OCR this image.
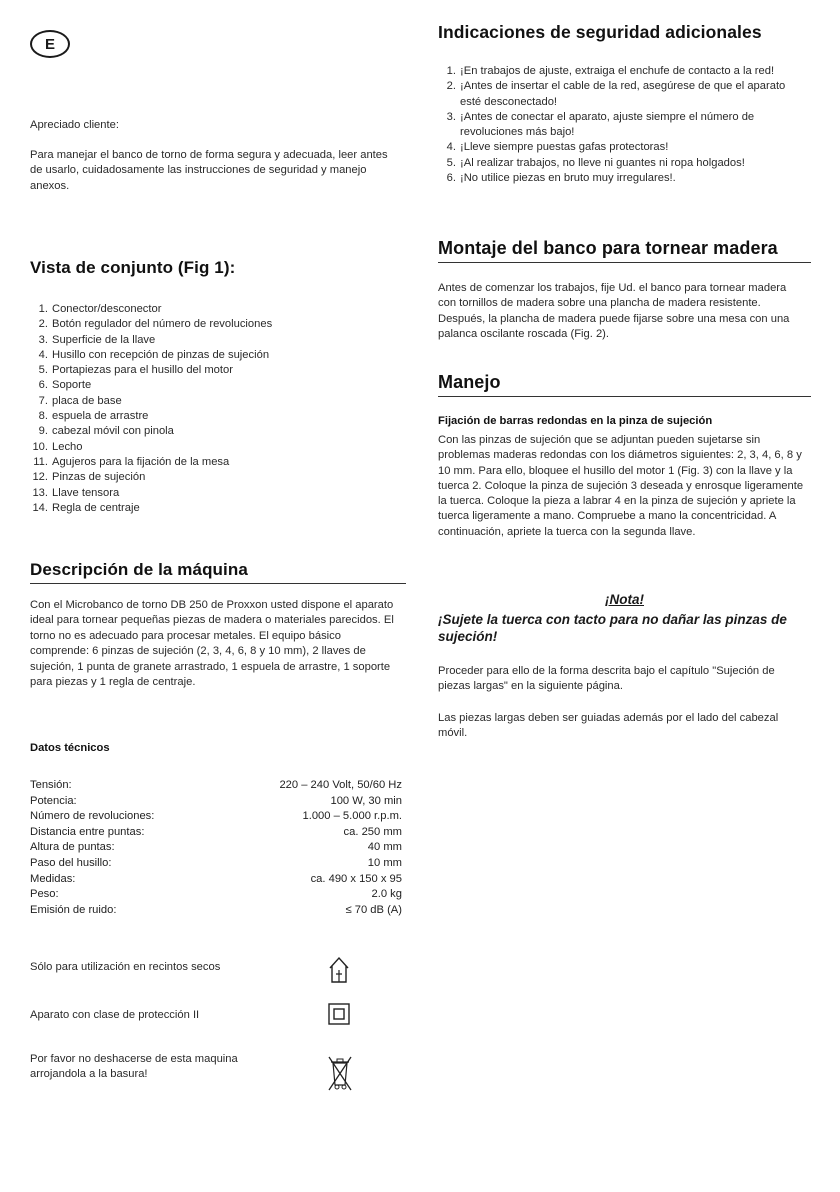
E
Apreciado cliente:
Para manejar el banco de torno de forma segura y adecuada, leer antes de usarlo, cuidadosamente las instrucciones de seguridad y manejo anexos.
Vista de conjunto (Fig 1):
1. Conector/desconector
2. Botón regulador del número de revoluciones
3. Superficie de la llave
4. Husillo con recepción de pinzas de sujeción
5. Portapiezas para el husillo del motor
6. Soporte
7. placa de base
8. espuela de arrastre
9. cabezal móvil con pinola
10. Lecho
11. Agujeros para la fijación de la mesa
12. Pinzas de sujeción
13. Llave tensora
14. Regla de centraje
Descripción de la máquina
Con el Microbanco de torno DB 250 de Proxxon usted dispone el aparato ideal para tornear pequeñas piezas de madera o materiales parecidos. El torno no es adecuado para procesar metales. El equipo básico comprende: 6 pinzas de sujeción (2, 3, 4, 6, 8 y 10 mm), 2 llaves de sujeción, 1 punta de granete arrastrado, 1 espuela de arrastre, 1 soporte para piezas y 1 regla de centraje.
Datos técnicos
Tensión:	220 – 240 Volt, 50/60 Hz
Potencia:	100 W, 30 min
Número de revoluciones:	1.000 – 5.000 r.p.m.
Distancia entre puntas:	ca. 250 mm
Altura de puntas:	40 mm
Paso del husillo:	10 mm
Medidas:	ca. 490 x 150 x 95
Peso:	2.0 kg
Emisión de ruido:	≤ 70 dB (A)
Sólo para utilización en recintos secos
Aparato con clase de protección II
Por favor no deshacerse de esta maquina arrojandola a la basura!
Indicaciones de seguridad adicionales
1. ¡En trabajos de ajuste, extraiga el enchufe de contacto a la red!
2. ¡Antes de insertar el cable de la red, asegúrese de que el aparato esté desconectado!
3. ¡Antes de conectar el aparato, ajuste siempre el número de revoluciones más bajo!
4. ¡Lleve siempre puestas gafas protectoras!
5. ¡Al realizar trabajos, no lleve ni guantes ni ropa holgados!
6. ¡No utilice piezas en bruto muy irregulares!.
Montaje del banco para tornear madera
Antes de comenzar los trabajos, fije Ud. el banco para tornear madera con tornillos de madera sobre una plancha de madera resistente. Después, la plancha de madera puede fijarse sobre una mesa con una palanca oscilante roscada (Fig. 2).
Manejo
Fijación de barras redondas en la pinza de sujeción
Con las pinzas de sujeción que se adjuntan pueden sujetarse sin problemas maderas redondas con los diámetros siguientes: 2, 3, 4, 6, 8 y 10 mm. Para ello, bloquee el husillo del motor 1 (Fig. 3) con la llave y la tuerca 2. Coloque la pinza de sujeción 3 deseada y enrosque ligeramente la tuerca. Coloque la pieza a labrar 4 en la pinza de sujeción y apriete la tuerca ligeramente a mano. Compruebe a mano la concentricidad. A continuación, apriete la tuerca con la segunda llave.
¡Nota!
¡Sujete la tuerca con tacto para no dañar las pinzas de sujeción!
Proceder para ello de la forma descrita bajo el capítulo "Sujeción de piezas largas" en la siguiente página.
Las piezas largas deben ser guiadas además por el lado del cabezal móvil.
